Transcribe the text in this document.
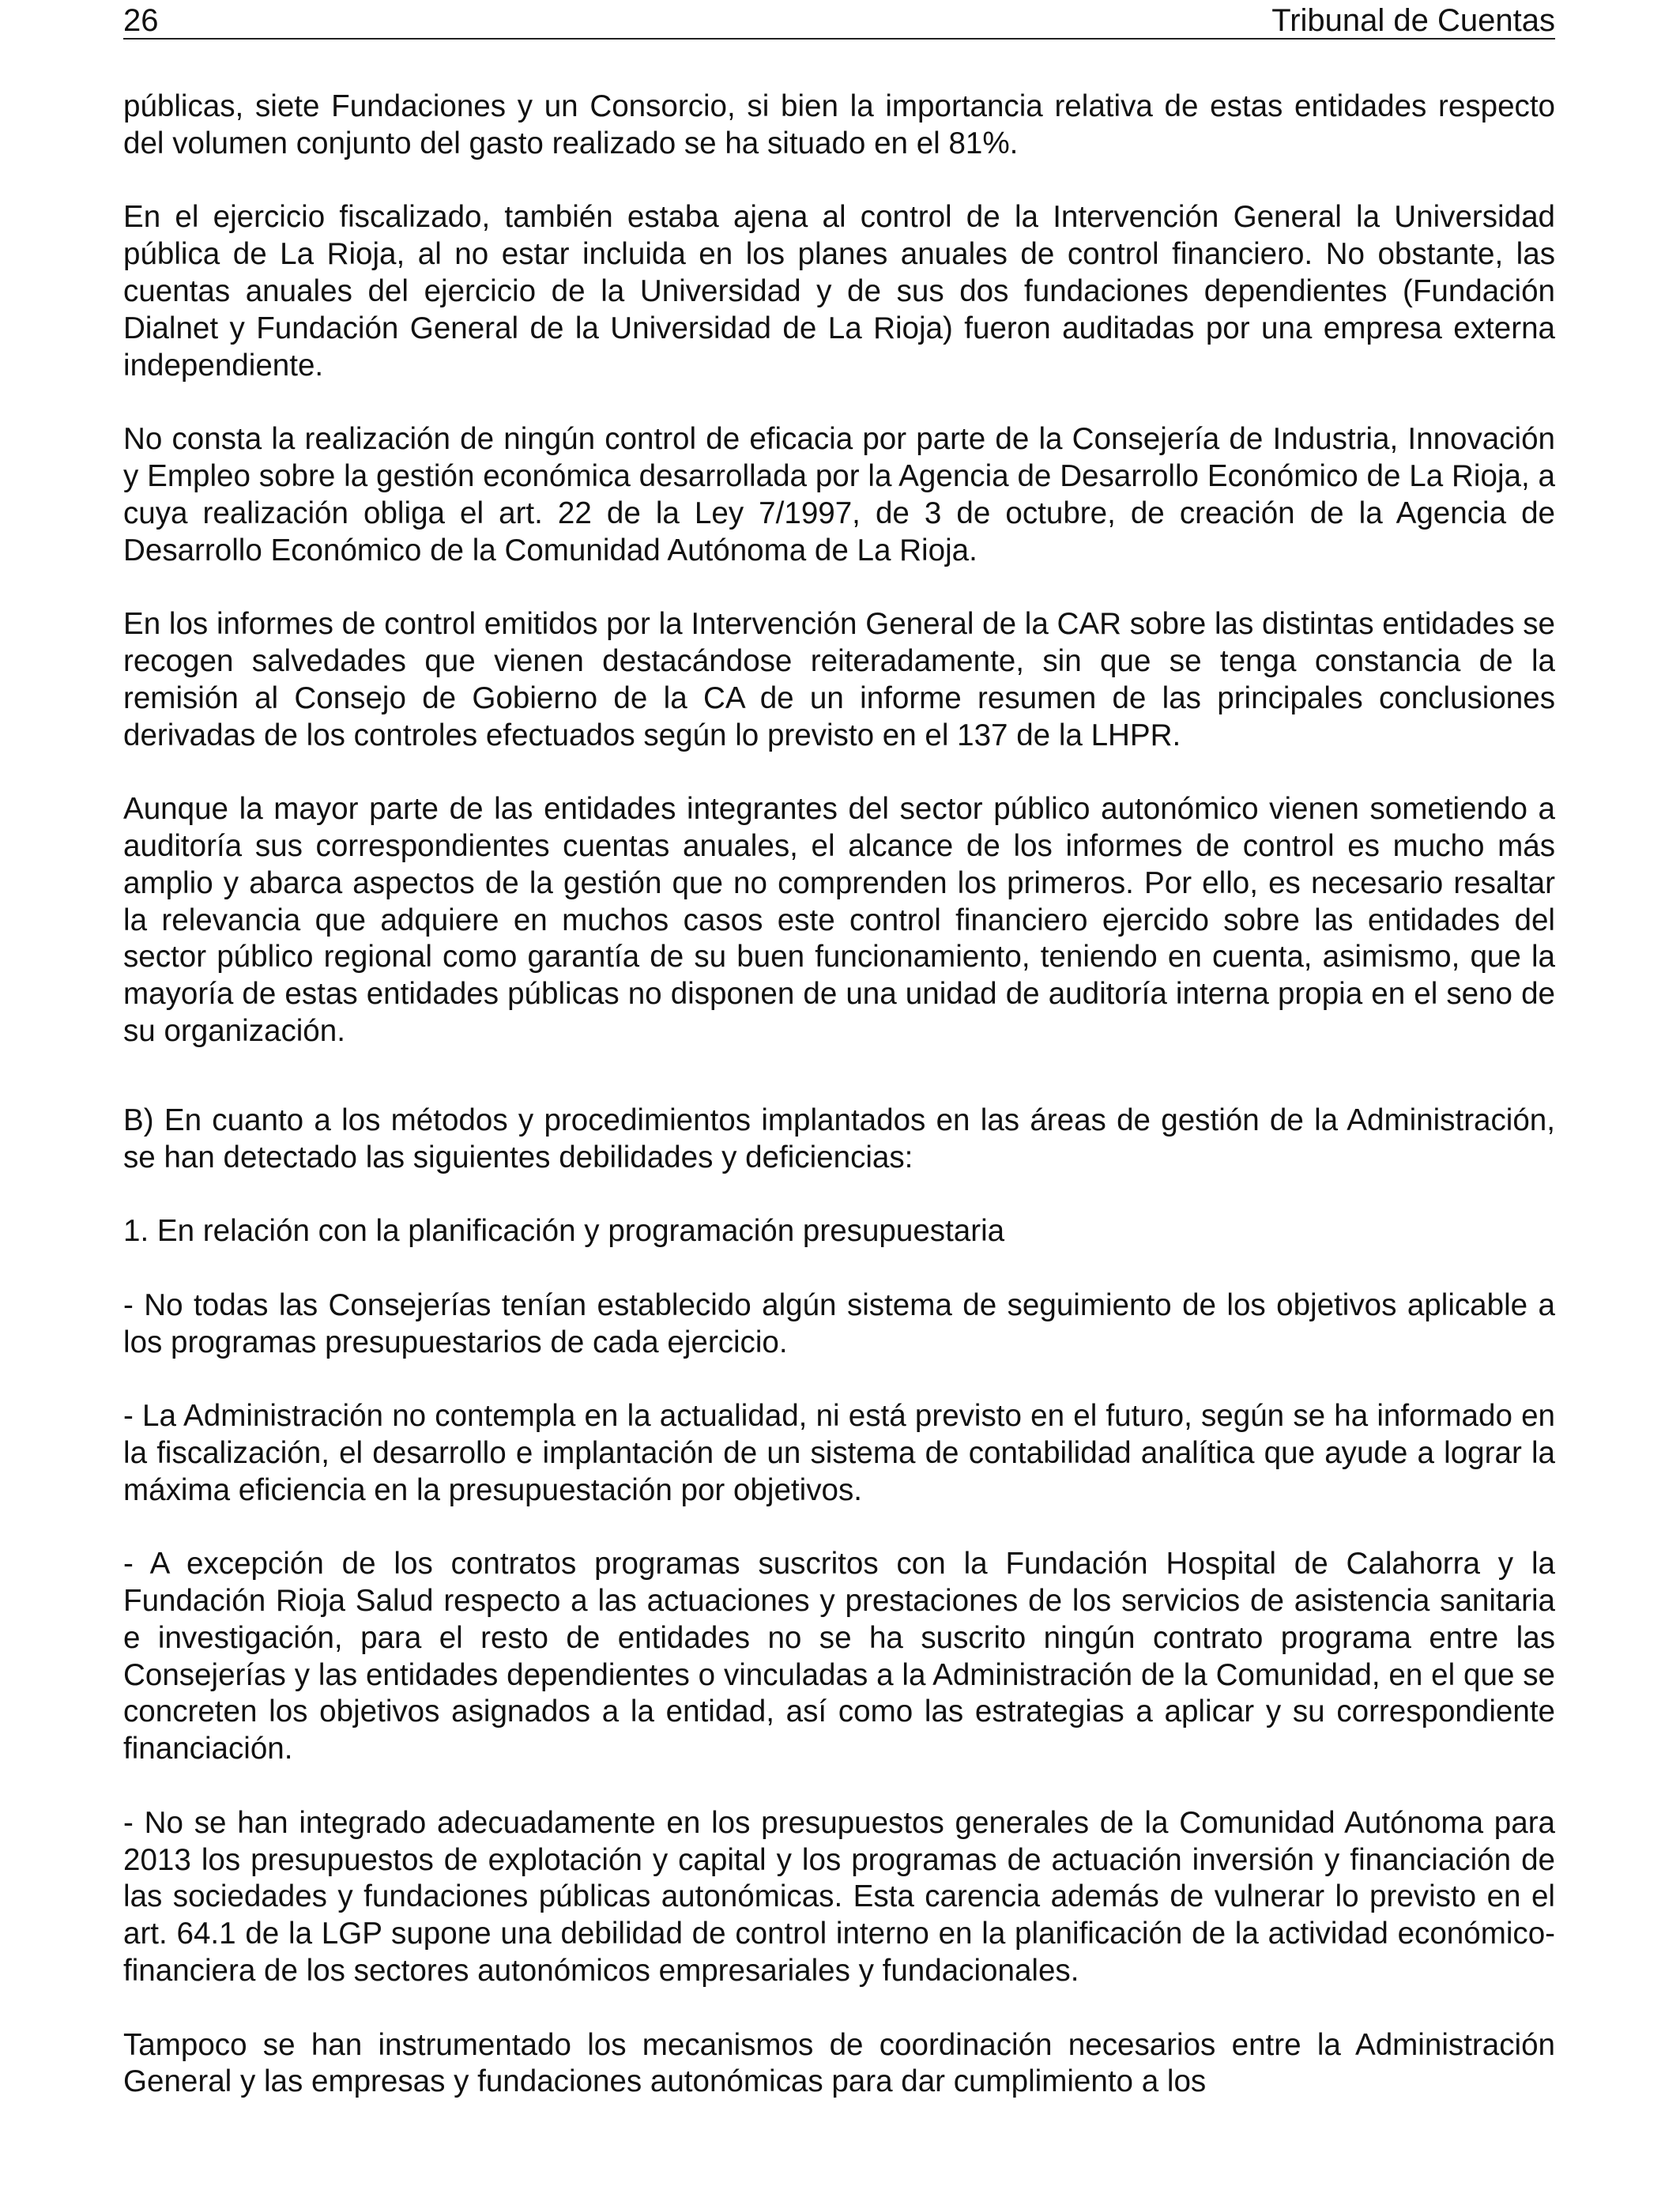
26	Tribunal de Cuentas

públicas, siete Fundaciones y un Consorcio, si bien la importancia relativa de estas entidades respecto del volumen conjunto del gasto realizado se ha situado en el 81%.

En el ejercicio fiscalizado, también estaba ajena al control de la Intervención General la Universidad pública de La Rioja, al no estar incluida en los planes anuales de control financiero. No obstante, las cuentas anuales del ejercicio de la Universidad y de sus dos fundaciones dependientes (Fundación Dialnet y Fundación General de la Universidad de La Rioja) fueron auditadas por una empresa externa independiente.

No consta la realización de ningún control de eficacia por parte de la Consejería de Industria, Innovación y Empleo sobre la gestión económica desarrollada por la Agencia de Desarrollo Económico de La Rioja, a cuya realización obliga el art. 22 de la Ley 7/1997, de 3 de octubre, de creación de la Agencia de Desarrollo Económico de la Comunidad Autónoma de La Rioja.

En los informes de control emitidos por la Intervención General de la CAR sobre las distintas entidades se recogen salvedades que vienen destacándose reiteradamente, sin que se tenga constancia de la remisión al Consejo de Gobierno de la CA de un informe resumen de las principales conclusiones derivadas de los controles efectuados según lo previsto en el 137 de la LHPR.

Aunque la mayor parte de las entidades integrantes del sector público autonómico vienen sometiendo a auditoría sus correspondientes cuentas anuales, el alcance de los informes de control es mucho más amplio y abarca aspectos de la gestión que no comprenden los primeros. Por ello, es necesario resaltar la relevancia que adquiere en muchos casos este control financiero ejercido sobre las entidades del sector público regional como garantía de su buen funcionamiento, teniendo en cuenta, asimismo, que la mayoría de estas entidades públicas no disponen de una unidad de auditoría interna propia en el seno de su organización.

B) En cuanto a los métodos y procedimientos implantados en las áreas de gestión de la Administración, se han detectado las siguientes debilidades y deficiencias:

1. En relación con la planificación y programación presupuestaria

- No todas las Consejerías tenían establecido algún sistema de seguimiento de los objetivos aplicable a los programas presupuestarios de cada ejercicio.

- La Administración no contempla en la actualidad, ni está previsto en el futuro, según se ha informado en la fiscalización, el desarrollo e implantación de un sistema de contabilidad analítica que ayude a lograr la máxima eficiencia en la presupuestación por objetivos.

- A excepción de los contratos programas suscritos con la Fundación Hospital de Calahorra y la Fundación Rioja Salud respecto a las actuaciones y prestaciones de los servicios de asistencia sanitaria e investigación, para el resto de entidades no se ha suscrito ningún contrato programa entre las Consejerías y las entidades dependientes o vinculadas a la Administración de la Comunidad, en el que se concreten los objetivos asignados a la entidad, así como las estrategias a aplicar y su correspondiente financiación.

- No se han integrado adecuadamente en los presupuestos generales de la Comunidad Autónoma para 2013 los presupuestos de explotación y capital y los programas de actuación inversión y financiación de las sociedades y fundaciones públicas autonómicas. Esta carencia además de vulnerar lo previsto en el art. 64.1 de la LGP supone una debilidad de control interno en la planificación de la actividad económico-financiera de los sectores autonómicos empresariales y fundacionales.

Tampoco se han instrumentado los mecanismos de coordinación necesarios entre la Administración General y las empresas y fundaciones autonómicas para dar cumplimiento a los
